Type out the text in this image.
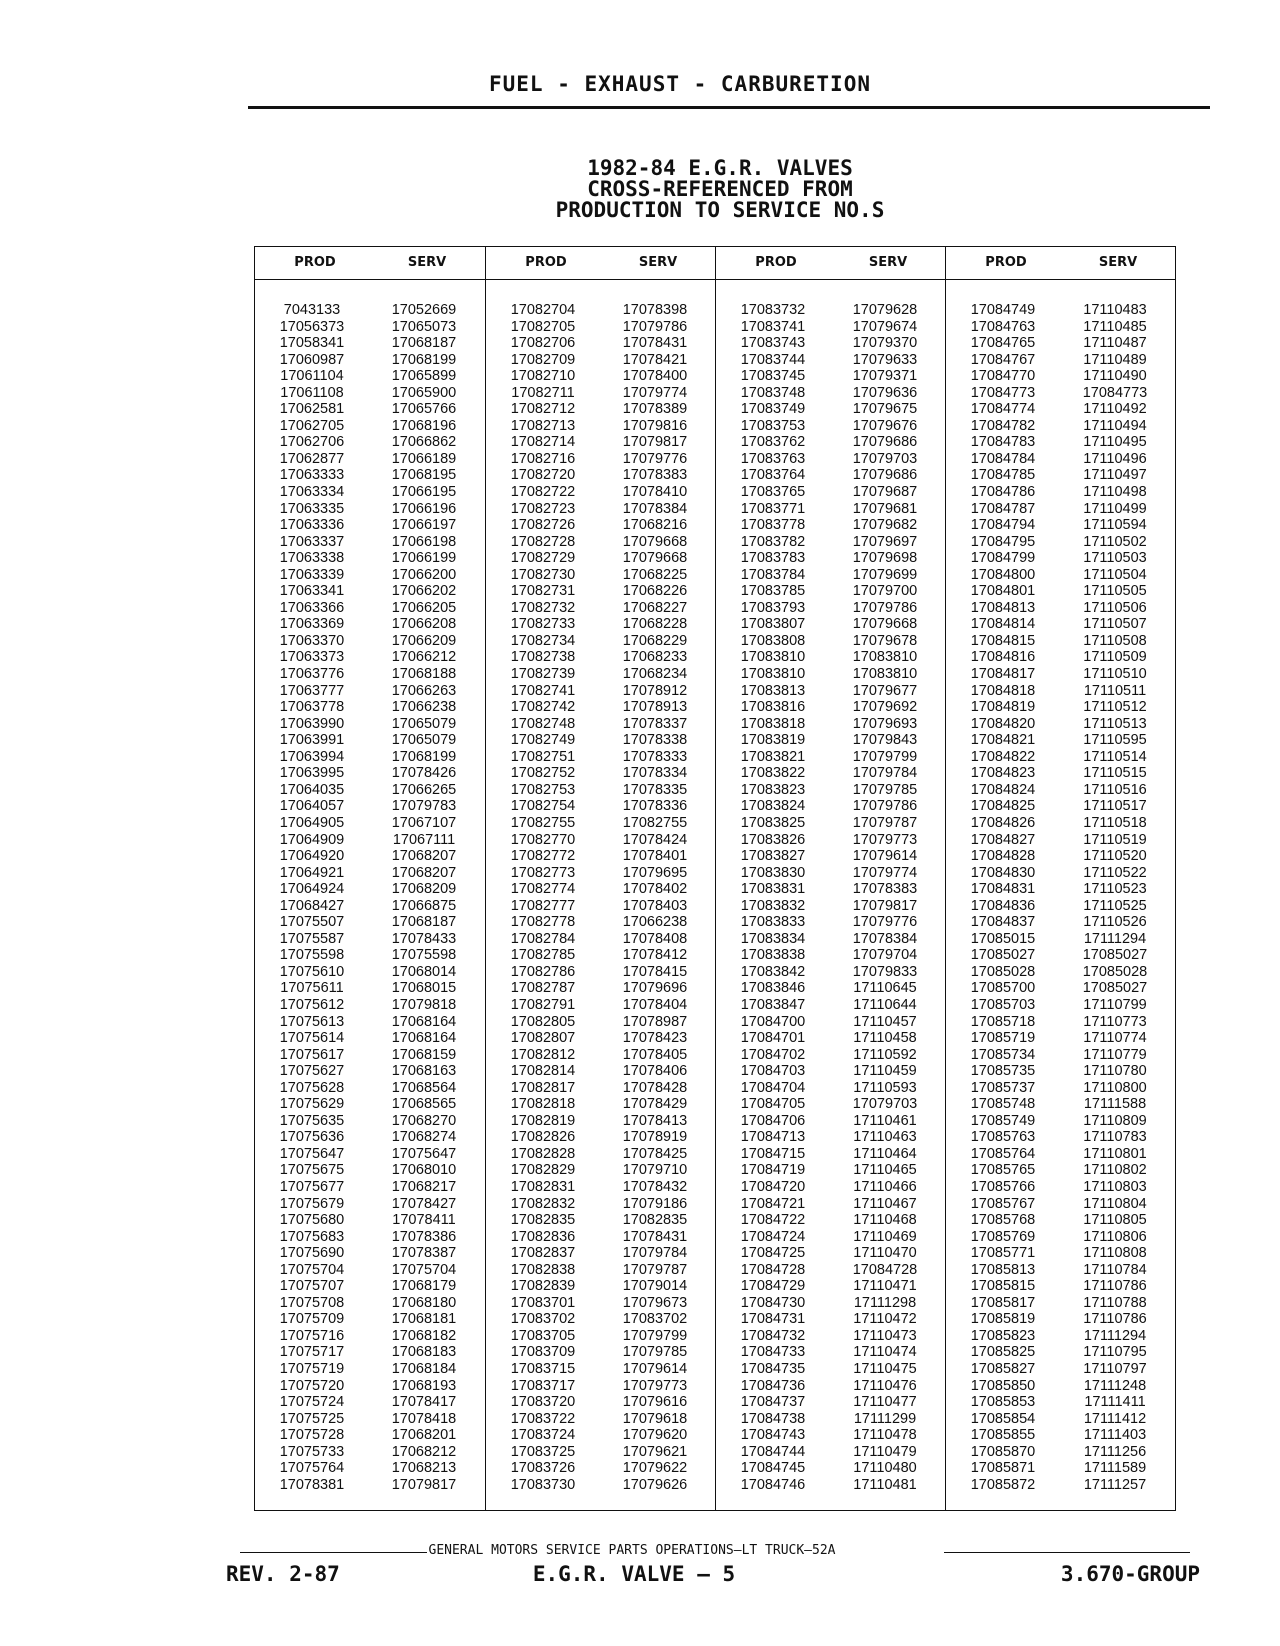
FUEL - EXHAUST - CARBURETION
1982-84 E.G.R. VALVES
CROSS-REFERENCED FROM
PRODUCTION TO SERVICE NO.S
PROD	SERV
7043133	17052669
17056373	17065073
17058341	17068187
17060987	17068199
17061104	17065899
17061108	17065900
17062581	17065766
17062705	17068196
17062706	17066862
17062877	17066189
17063333	17068195
17063334	17066195
17063335	17066196
17063336	17066197
17063337	17066198
17063338	17066199
17063339	17066200
17063341	17066202
17063366	17066205
17063369	17066208
17063370	17066209
17063373	17066212
17063776	17068188
17063777	17066263
17063778	17066238
17063990	17065079
17063991	17065079
17063994	17068199
17063995	17078426
17064035	17066265
17064057	17079783
17064905	17067107
17064909	17067111
17064920	17068207
17064921	17068207
17064924	17068209
17068427	17066875
17075507	17068187
17075587	17078433
17075598	17075598
17075610	17068014
17075611	17068015
17075612	17079818
17075613	17068164
17075614	17068164
17075617	17068159
17075627	17068163
17075628	17068564
17075629	17068565
17075635	17068270
17075636	17068274
17075647	17075647
17075675	17068010
17075677	17068217
17075679	17078427
17075680	17078411
17075683	17078386
17075690	17078387
17075704	17075704
17075707	17068179
17075708	17068180
17075709	17068181
17075716	17068182
17075717	17068183
17075719	17068184
17075720	17068193
17075724	17078417
17075725	17078418
17075728	17068201
17075733	17068212
17075764	17068213
17078381	17079817
PROD	SERV
17082704	17078398
17082705	17079786
17082706	17078431
17082709	17078421
17082710	17078400
17082711	17079774
17082712	17078389
17082713	17079816
17082714	17079817
17082716	17079776
17082720	17078383
17082722	17078410
17082723	17078384
17082726	17068216
17082728	17079668
17082729	17079668
17082730	17068225
17082731	17068226
17082732	17068227
17082733	17068228
17082734	17068229
17082738	17068233
17082739	17068234
17082741	17078912
17082742	17078913
17082748	17078337
17082749	17078338
17082751	17078333
17082752	17078334
17082753	17078335
17082754	17078336
17082755	17082755
17082770	17078424
17082772	17078401
17082773	17079695
17082774	17078402
17082777	17078403
17082778	17066238
17082784	17078408
17082785	17078412
17082786	17078415
17082787	17079696
17082791	17078404
17082805	17078987
17082807	17078423
17082812	17078405
17082814	17078406
17082817	17078428
17082818	17078429
17082819	17078413
17082826	17078919
17082828	17078425
17082829	17079710
17082831	17078432
17082832	17079186
17082835	17082835
17082836	17078431
17082837	17079784
17082838	17079787
17082839	17079014
17083701	17079673
17083702	17083702
17083705	17079799
17083709	17079785
17083715	17079614
17083717	17079773
17083720	17079616
17083722	17079618
17083724	17079620
17083725	17079621
17083726	17079622
17083730	17079626
PROD	SERV
17083732	17079628
17083741	17079674
17083743	17079370
17083744	17079633
17083745	17079371
17083748	17079636
17083749	17079675
17083753	17079676
17083762	17079686
17083763	17079703
17083764	17079686
17083765	17079687
17083771	17079681
17083778	17079682
17083782	17079697
17083783	17079698
17083784	17079699
17083785	17079700
17083793	17079786
17083807	17079668
17083808	17079678
17083810	17083810
17083810	17083810
17083813	17079677
17083816	17079692
17083818	17079693
17083819	17079843
17083821	17079799
17083822	17079784
17083823	17079785
17083824	17079786
17083825	17079787
17083826	17079773
17083827	17079614
17083830	17079774
17083831	17078383
17083832	17079817
17083833	17079776
17083834	17078384
17083838	17079704
17083842	17079833
17083846	17110645
17083847	17110644
17084700	17110457
17084701	17110458
17084702	17110592
17084703	17110459
17084704	17110593
17084705	17079703
17084706	17110461
17084713	17110463
17084715	17110464
17084719	17110465
17084720	17110466
17084721	17110467
17084722	17110468
17084724	17110469
17084725	17110470
17084728	17084728
17084729	17110471
17084730	17111298
17084731	17110472
17084732	17110473
17084733	17110474
17084735	17110475
17084736	17110476
17084737	17110477
17084738	17111299
17084743	17110478
17084744	17110479
17084745	17110480
17084746	17110481
PROD	SERV
17084749	17110483
17084763	17110485
17084765	17110487
17084767	17110489
17084770	17110490
17084773	17084773
17084774	17110492
17084782	17110494
17084783	17110495
17084784	17110496
17084785	17110497
17084786	17110498
17084787	17110499
17084794	17110594
17084795	17110502
17084799	17110503
17084800	17110504
17084801	17110505
17084813	17110506
17084814	17110507
17084815	17110508
17084816	17110509
17084817	17110510
17084818	17110511
17084819	17110512
17084820	17110513
17084821	17110595
17084822	17110514
17084823	17110515
17084824	17110516
17084825	17110517
17084826	17110518
17084827	17110519
17084828	17110520
17084830	17110522
17084831	17110523
17084836	17110525
17084837	17110526
17085015	17111294
17085027	17085027
17085028	17085028
17085700	17085027
17085703	17110799
17085718	17110773
17085719	17110774
17085734	17110779
17085735	17110780
17085737	17110800
17085748	17111588
17085749	17110809
17085763	17110783
17085764	17110801
17085765	17110802
17085766	17110803
17085767	17110804
17085768	17110805
17085769	17110806
17085771	17110808
17085813	17110784
17085815	17110786
17085817	17110788
17085819	17110786
17085823	17111294
17085825	17110795
17085827	17110797
17085850	17111248
17085853	17111411
17085854	17111412
17085855	17111403
17085870	17111256
17085871	17111589
17085872	17111257
GENERAL MOTORS SERVICE PARTS OPERATIONS—LT TRUCK—52A
REV. 2-87	E.G.R. VALVE — 5	3.670-GROUP
